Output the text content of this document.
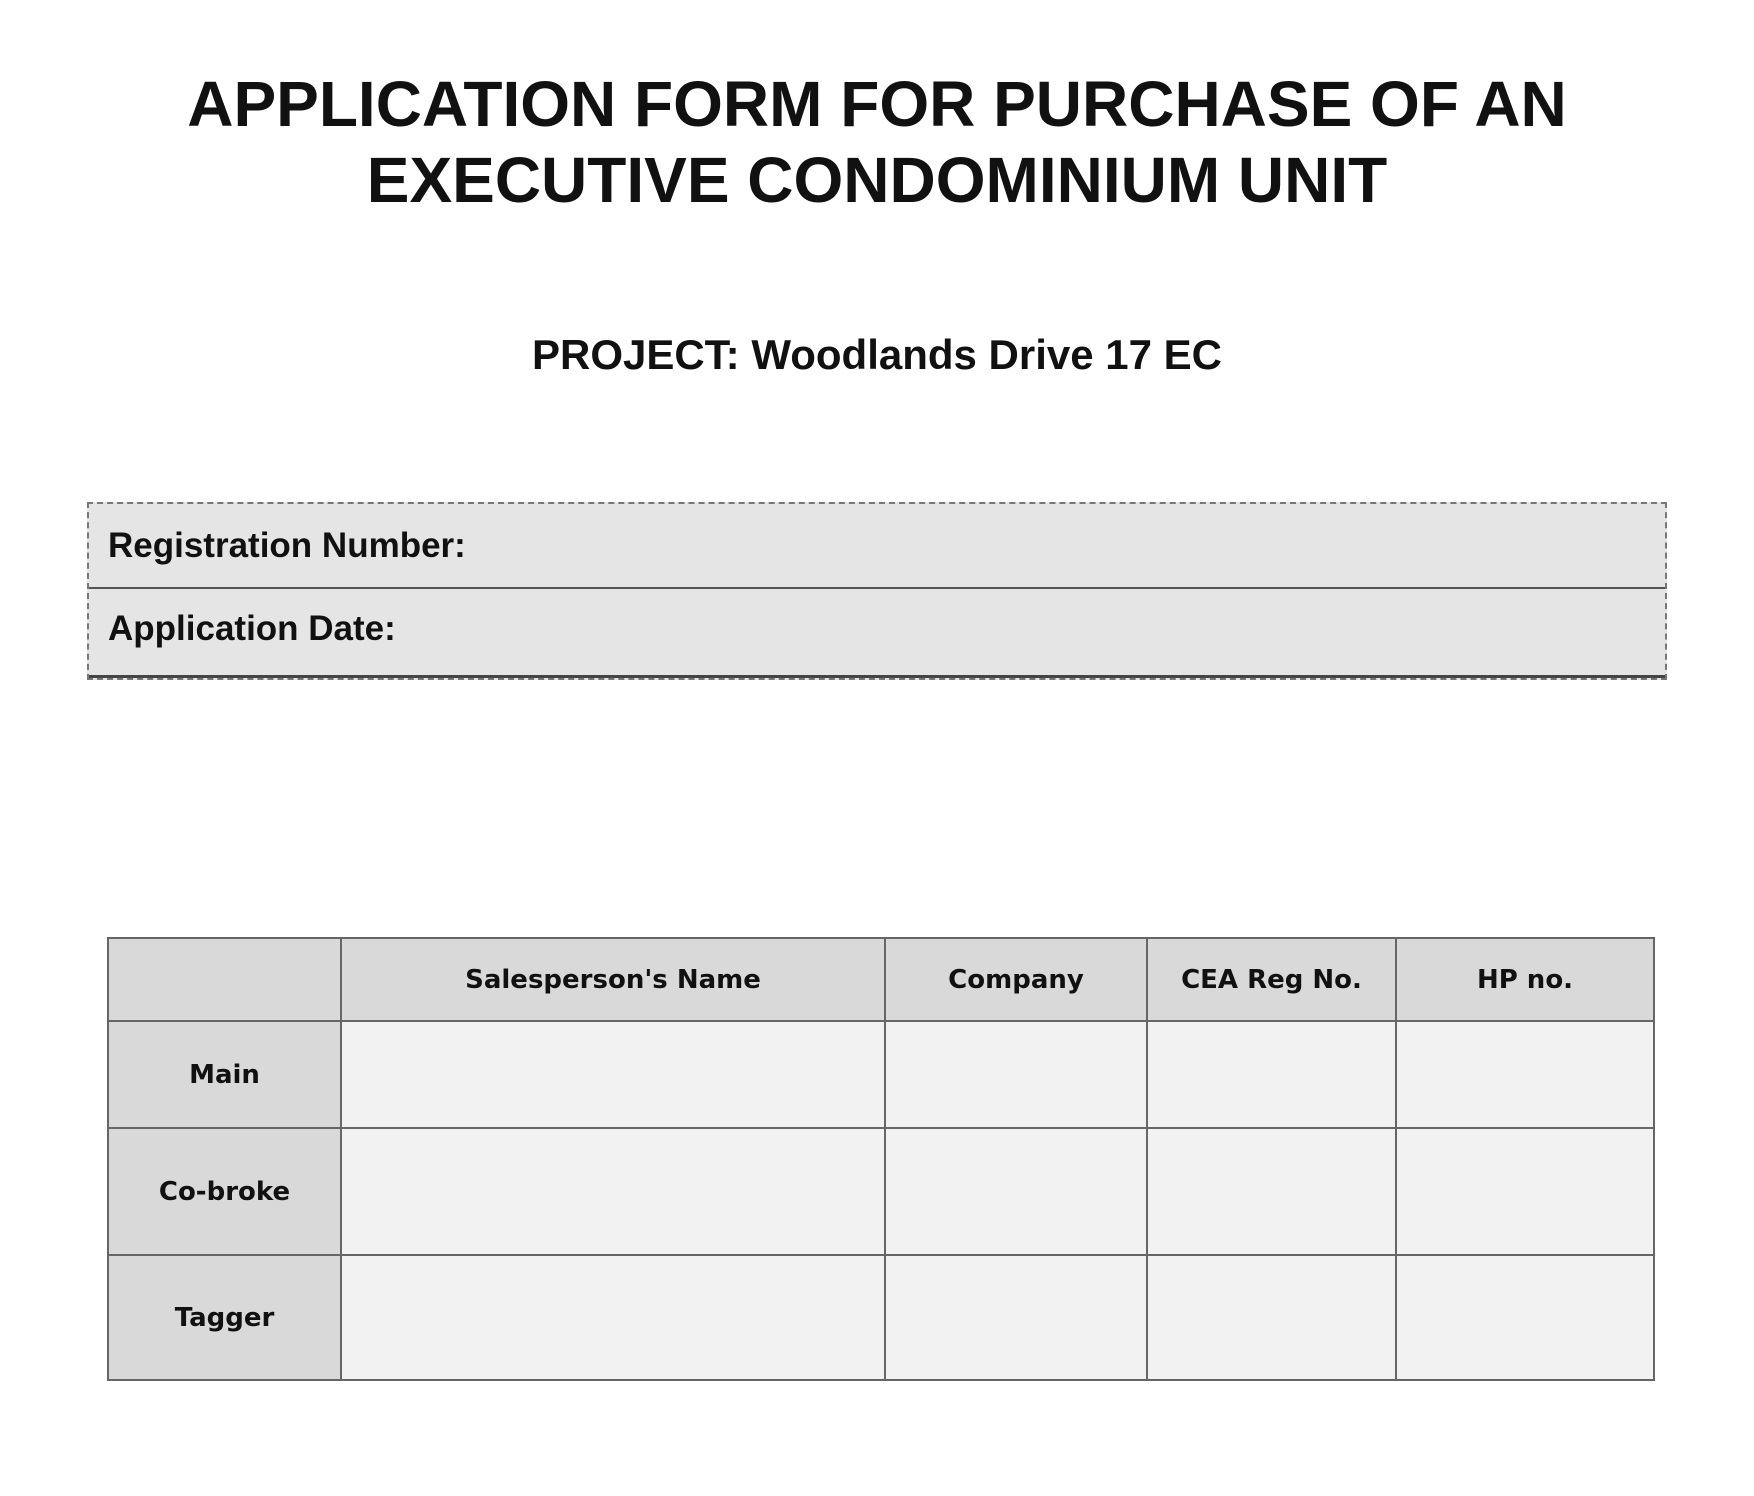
APPLICATION FORM FOR PURCHASE OF AN
EXECUTIVE CONDOMINIUM UNIT
PROJECT: Woodlands Drive 17 EC
Registration Number:
Application Date:
	Salesperson's Name	Company	CEA Reg No.	HP no.
Main				
Co-broke				
Tagger				
